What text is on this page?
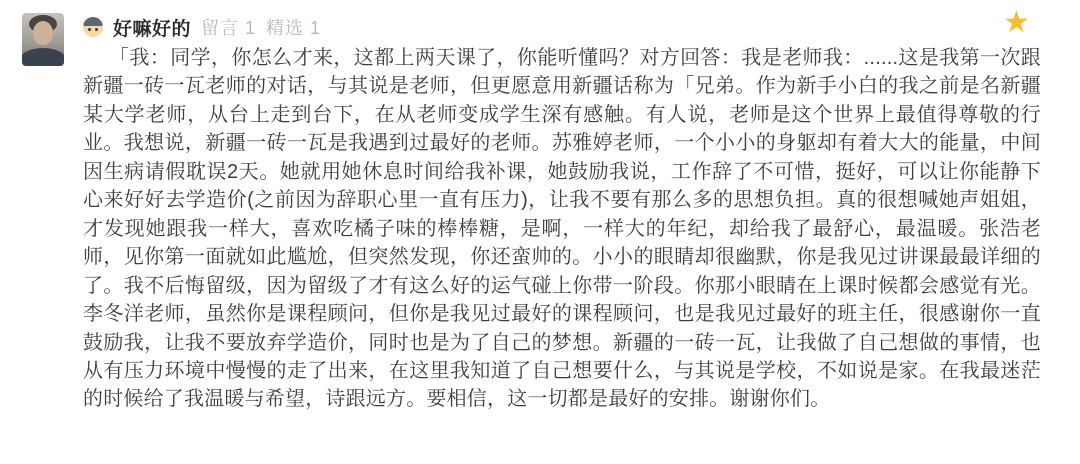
好嘛好的 留言 1 精选 1	★
「我：同学，你怎么才来，这都上两天课了，你能听懂吗？对方回答：我是老师我：......这是我第一次跟新疆一砖一瓦老师的对话，与其说是老师，但更愿意用新疆话称为「兄弟。作为新手小白的我之前是名新疆某大学老师，从台上走到台下，在从老师变成学生深有感触。有人说，老师是这个世界上最值得尊敬的行业。我想说，新疆一砖一瓦是我遇到过最好的老师。苏雅婷老师，一个小小的身躯却有着大大的能量，中间因生病请假耽误2天。她就用她休息时间给我补课，她鼓励我说，工作辞了不可惜，挺好，可以让你能静下心来好好去学造价(之前因为辞职心里一直有压力)，让我不要有那么多的思想负担。真的很想喊她声姐姐，才发现她跟我一样大，喜欢吃橘子味的棒棒糖，是啊，一样大的年纪，却给我了最舒心，最温暖。张浩老师，见你第一面就如此尴尬，但突然发现，你还蛮帅的。小小的眼睛却很幽默，你是我见过讲课最最详细的了。我不后悔留级，因为留级了才有这么好的运气碰上你带一阶段。你那小眼睛在上课时候都会感觉有光。李冬洋老师，虽然你是课程顾问，但你是我见过最好的课程顾问，也是我见过最好的班主任，很感谢你一直鼓励我，让我不要放弃学造价，同时也是为了自己的梦想。新疆的一砖一瓦，让我做了自己想做的事情，也从有压力环境中慢慢的走了出来，在这里我知道了自己想要什么，与其说是学校，不如说是家。在我最迷茫的时候给了我温暖与希望，诗跟远方。要相信，这一切都是最好的安排。谢谢你们。
